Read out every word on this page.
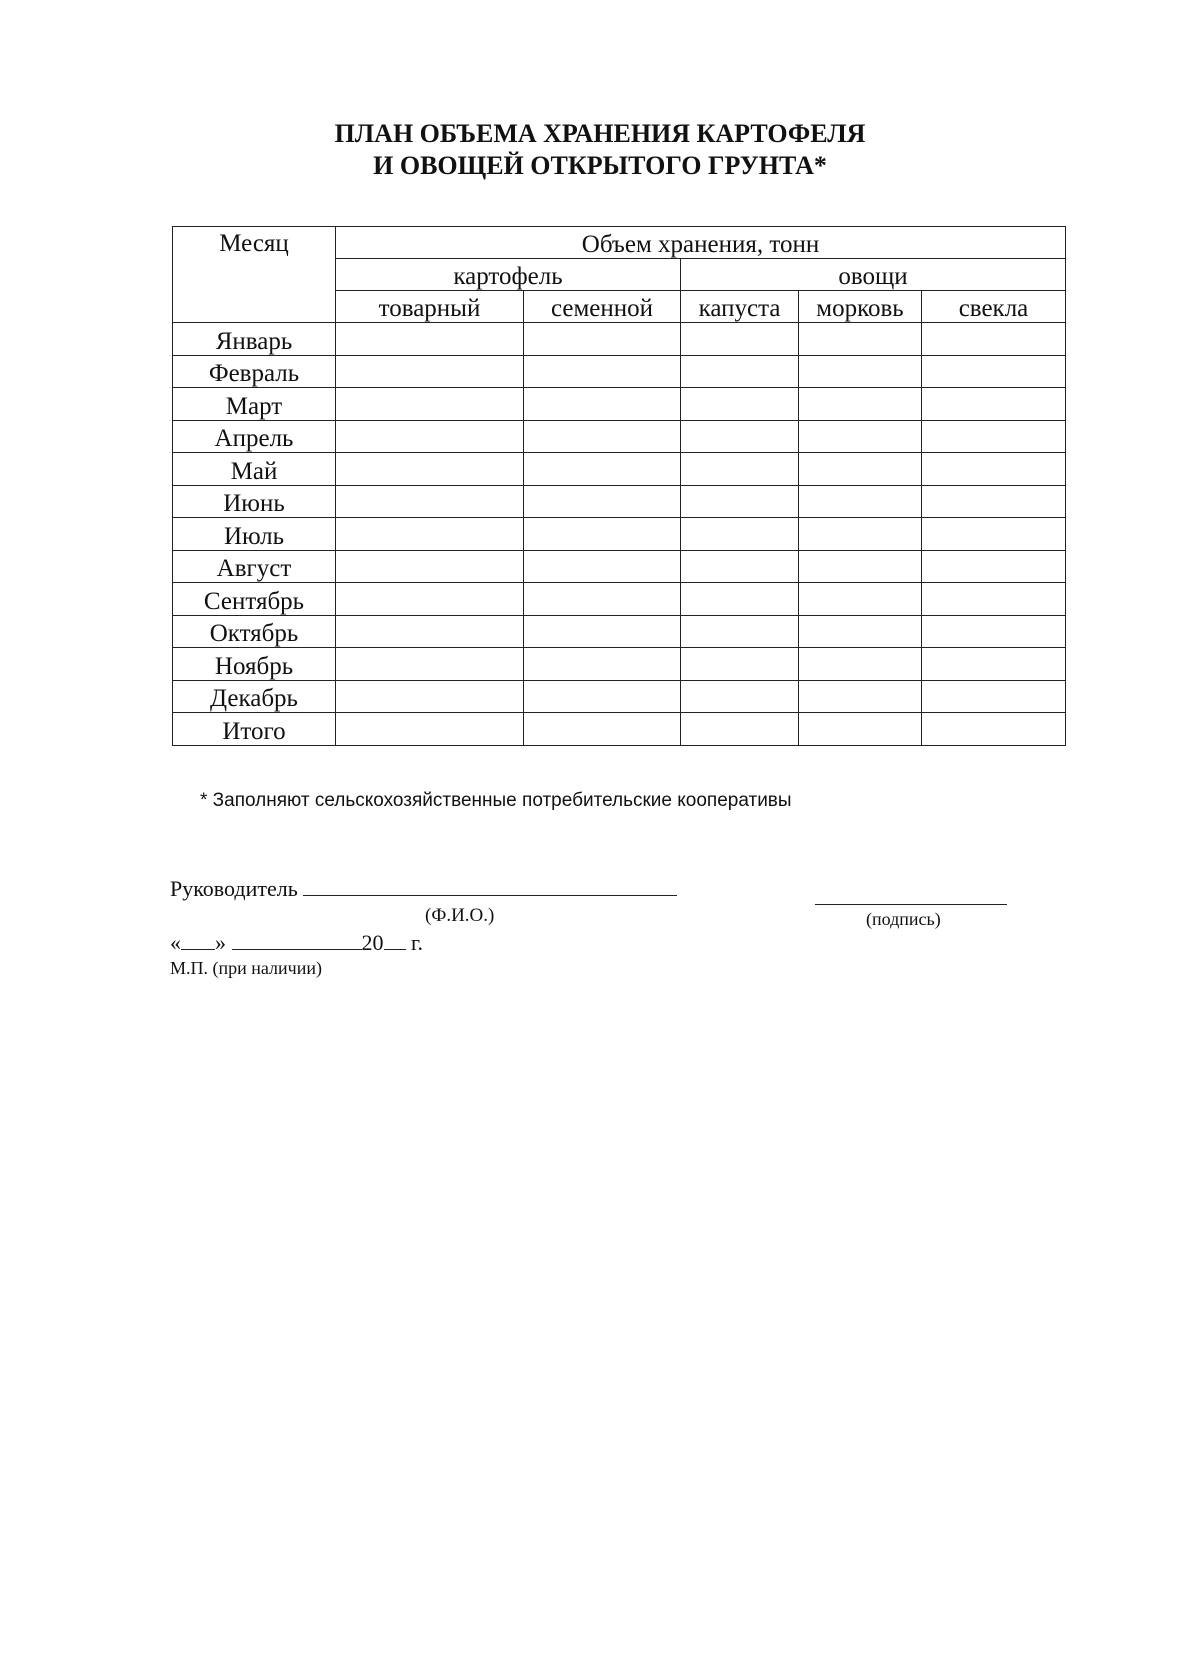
ПЛАН ОБЪЕМА ХРАНЕНИЯ КАРТОФЕЛЯ
И ОВОЩЕЙ ОТКРЫТОГО ГРУНТА*
Месяц	Объем хранения, тонн				
	картофель		овощи		
	товарный	семенной	капуста	морковь	свекла
Январь					
Февраль					
Март					
Апрель					
Май					
Июнь					
Июль					
Август					
Сентябрь					
Октябрь					
Ноябрь					
Декабрь					
Итого					
* Заполняют сельскохозяйственные потребительские кооперативы
Руководитель
(Ф.И.О.)	(подпись)
« »	20 г.
М.П. (при наличии)
